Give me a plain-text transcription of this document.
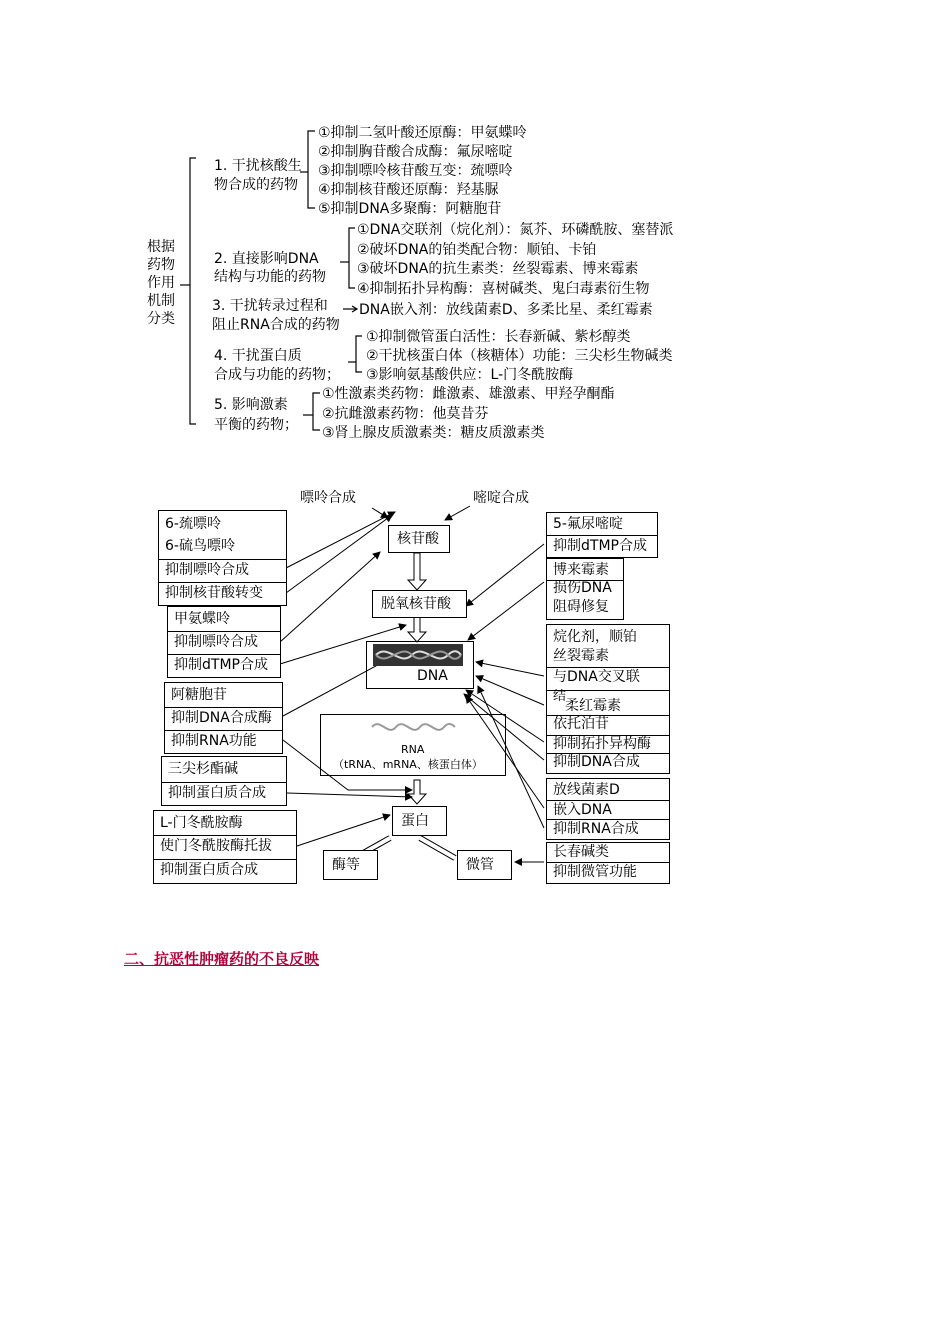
根据
药物
作用
机制
分类
1. 干扰核酸生
物合成的药物
①抑制二氢叶酸还原酶：甲氨蝶呤
②抑制胸苷酸合成酶：氟尿嘧啶
③抑制嘌呤核苷酸互变：巯嘌呤
④抑制核苷酸还原酶：羟基脲
⑤抑制DNA多聚酶：阿糖胞苷
2. 直接影响DNA
结构与功能的药物
①DNA交联剂（烷化剂）：氮芥、环磷酰胺、塞替派
②破坏DNA的铂类配合物：顺铂、卡铂
③破坏DNA的抗生素类：丝裂霉素、博来霉素
④抑制拓扑异构酶：喜树碱类、鬼臼毒素衍生物
3. 干扰转录过程和
阻止RNA合成的药物
DNA嵌入剂：放线菌素D、多柔比星、柔红霉素
4. 干扰蛋白质
合成与功能的药物；
①抑制微管蛋白活性：长春新碱、紫杉醇类
②干扰核蛋白体（核糖体）功能：三尖杉生物碱类
③影响氨基酸供应：L-门冬酰胺酶
5. 影响激素
平衡的药物；
①性激素类药物：雌激素、雄激素、甲羟孕酮酯
②抗雌激素药物：他莫昔芬
③肾上腺皮质激素类：糖皮质激素类
嘌呤合成	嘧啶合成
核苷酸
脱氧核苷酸
DNA
RNA
（tRNA、mRNA、核蛋白体）
蛋白
酶等	微管
6-巯嘌呤
6-硫鸟嘌呤
抑制嘌呤合成
抑制核苷酸转变
甲氨蝶呤
抑制嘌呤合成
抑制dTMP合成
阿糖胞苷
抑制DNA合成酶
抑制RNA功能
三尖杉酯碱
抑制蛋白质合成
L-门冬酰胺酶
使门冬酰胺酶托拔
抑制蛋白质合成
5-氟尿嘧啶
抑制dTMP合成
博来霉素
损伤DNA
阻碍修复
烷化剂，顺铂
丝裂霉素
与DNA交叉联
结
柔红霉素
依托泊苷
抑制拓扑异构酶
抑制DNA合成
放线菌素D
嵌入DNA
抑制RNA合成
长春碱类
抑制微管功能
二、抗恶性肿瘤药的不良反映
